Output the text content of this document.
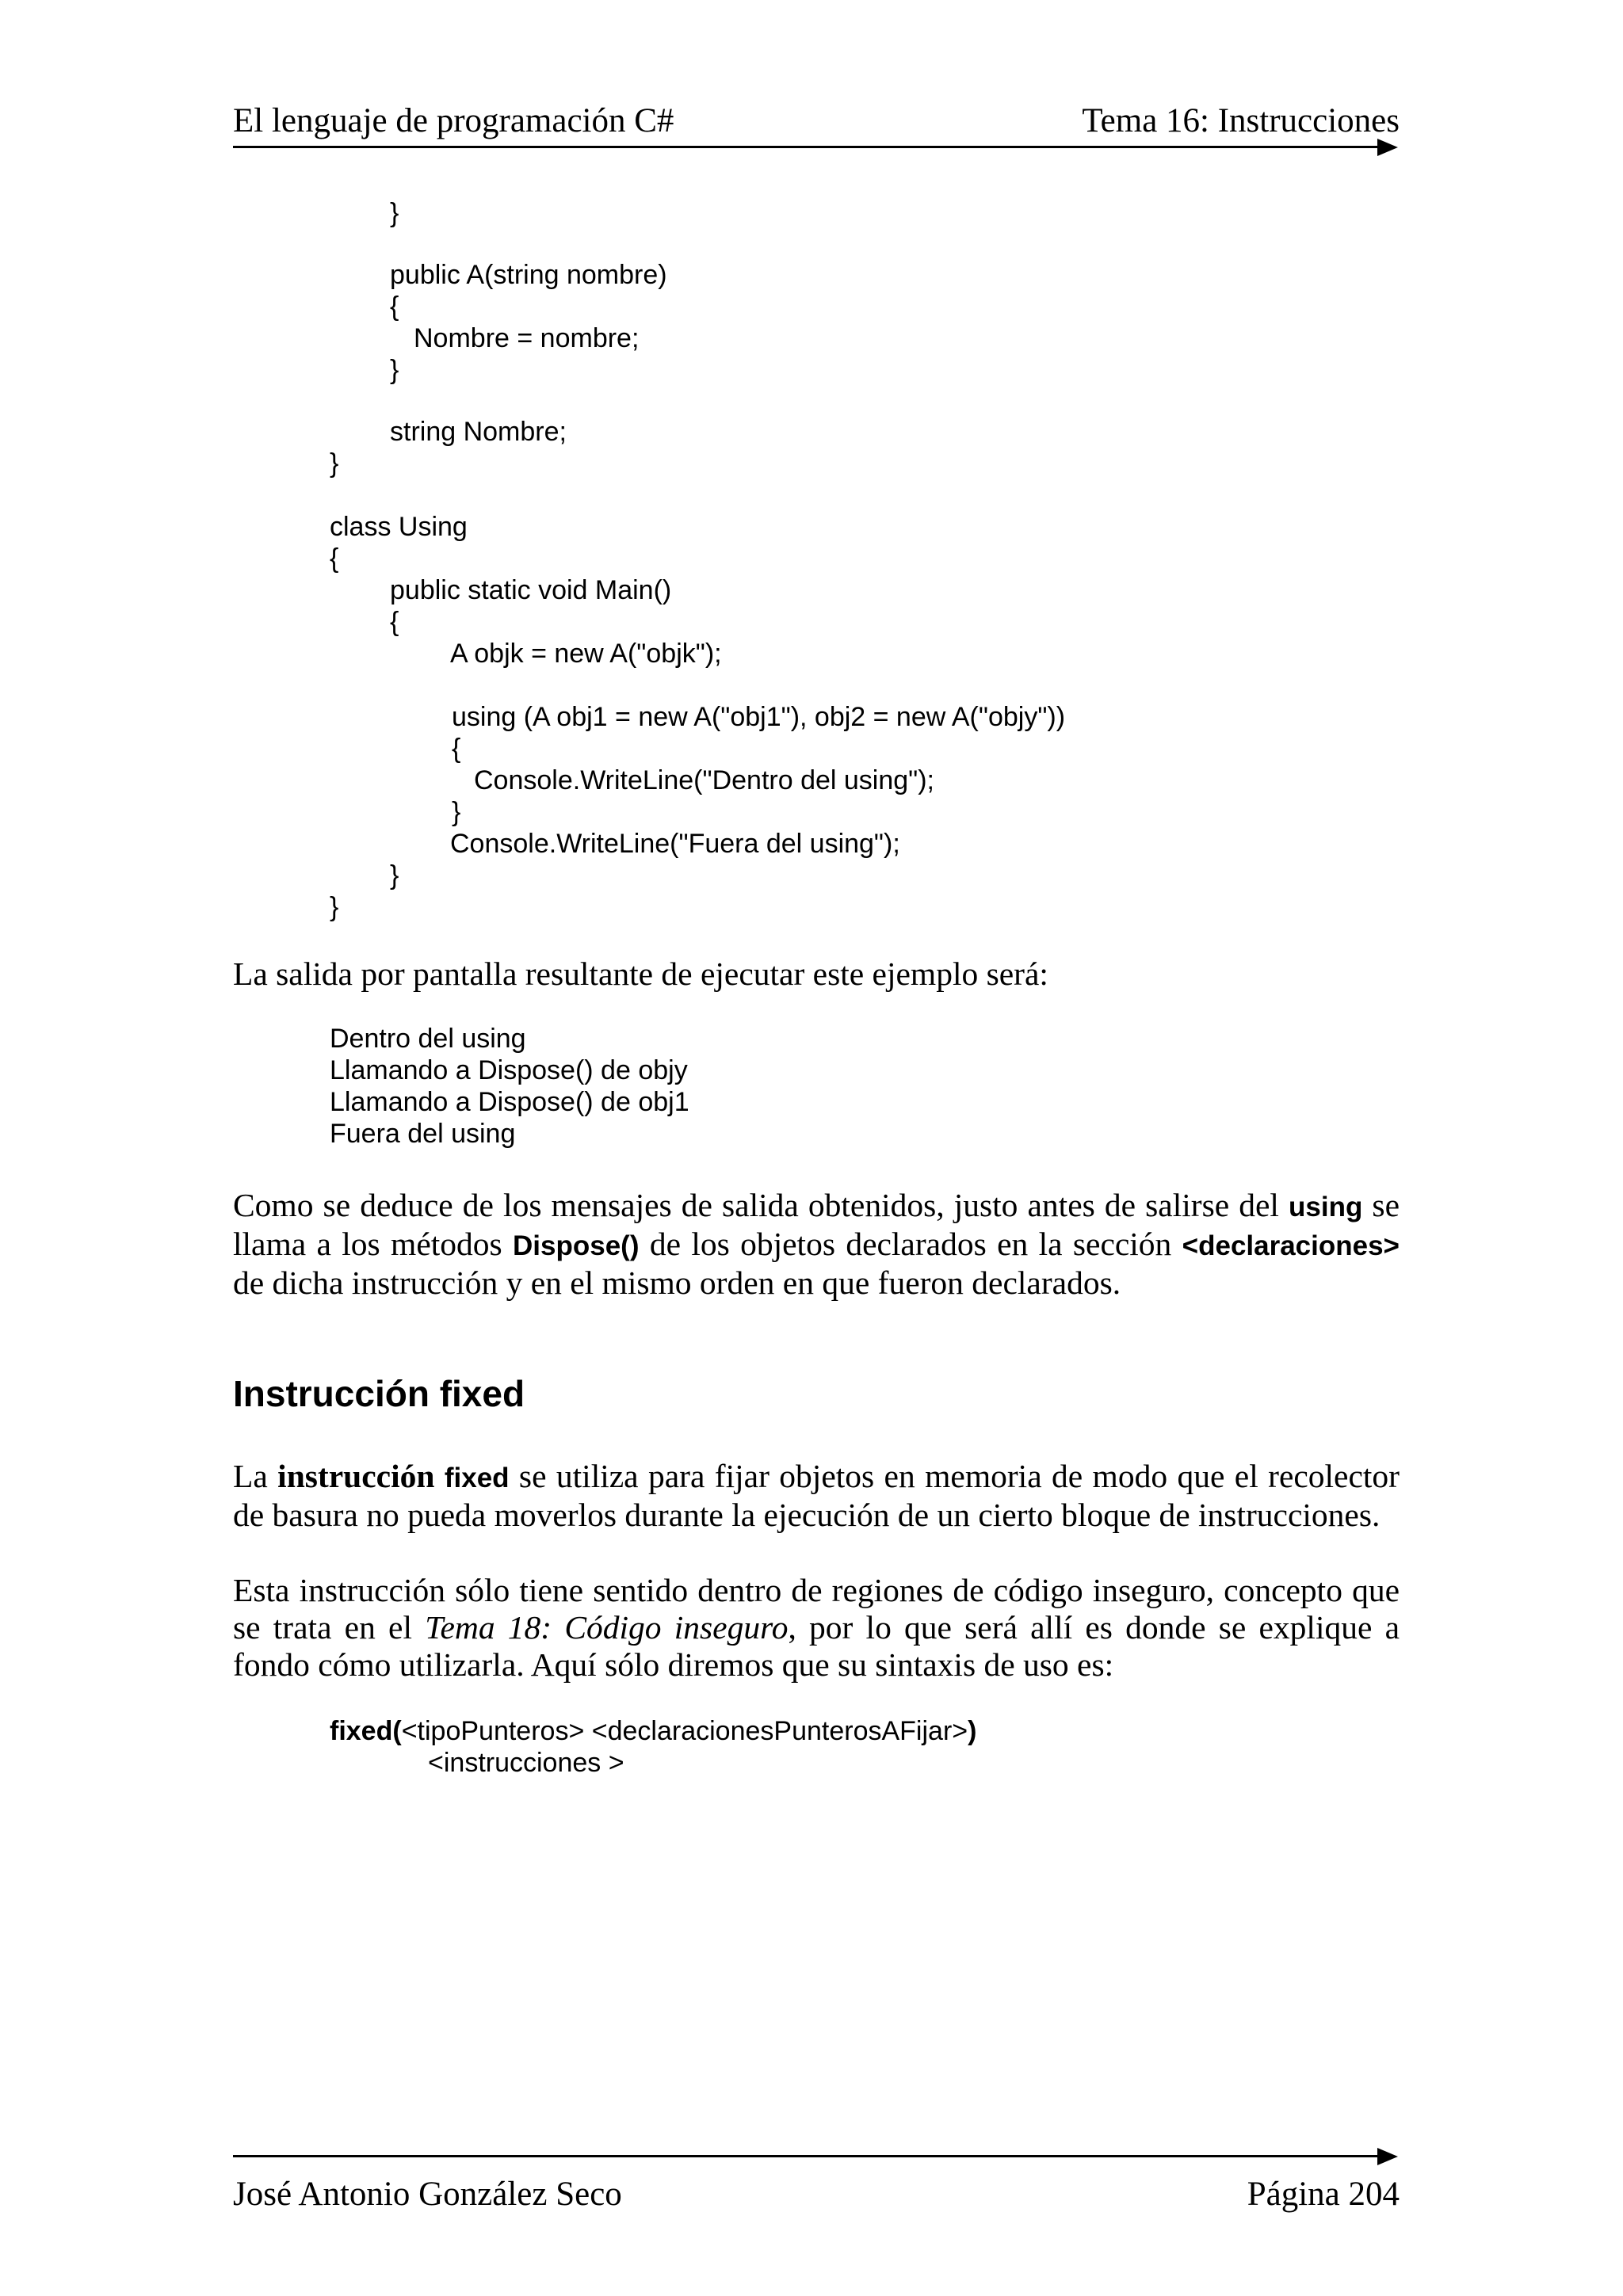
El lenguaje de programación C#	Tema 16: Instrucciones
}
public A(string nombre)
{
Nombre = nombre;
}
string Nombre;
}
class Using
{
public static void Main()
{
A objk = new A("objk");
using (A obj1 = new A("obj1"), obj2 = new A("objy"))
{
Console.WriteLine("Dentro del using");
}
Console.WriteLine("Fuera del using");
}
}
La salida por pantalla resultante de ejecutar este ejemplo será:
Dentro del using
Llamando a Dispose() de objy
Llamando a Dispose() de obj1
Fuera del using
Como se deduce de los mensajes de salida obtenidos, justo antes de salirse del using se llama a los métodos Dispose() de los objetos declarados en la sección <declaraciones> de dicha instrucción y en el mismo orden en que fueron declarados.
Instrucción fixed
La instrucción fixed se utiliza para fijar objetos en memoria de modo que el recolector de basura no pueda moverlos durante la ejecución de un cierto bloque de instrucciones.
Esta instrucción sólo tiene sentido dentro de regiones de código inseguro, concepto que se trata en el Tema 18: Código inseguro, por lo que será allí es donde se explique a fondo cómo utilizarla. Aquí sólo diremos que su sintaxis de uso es:
fixed(<tipoPunteros> <declaracionesPunterosAFijar>)
<instrucciones >
José Antonio González Seco	Página 204
